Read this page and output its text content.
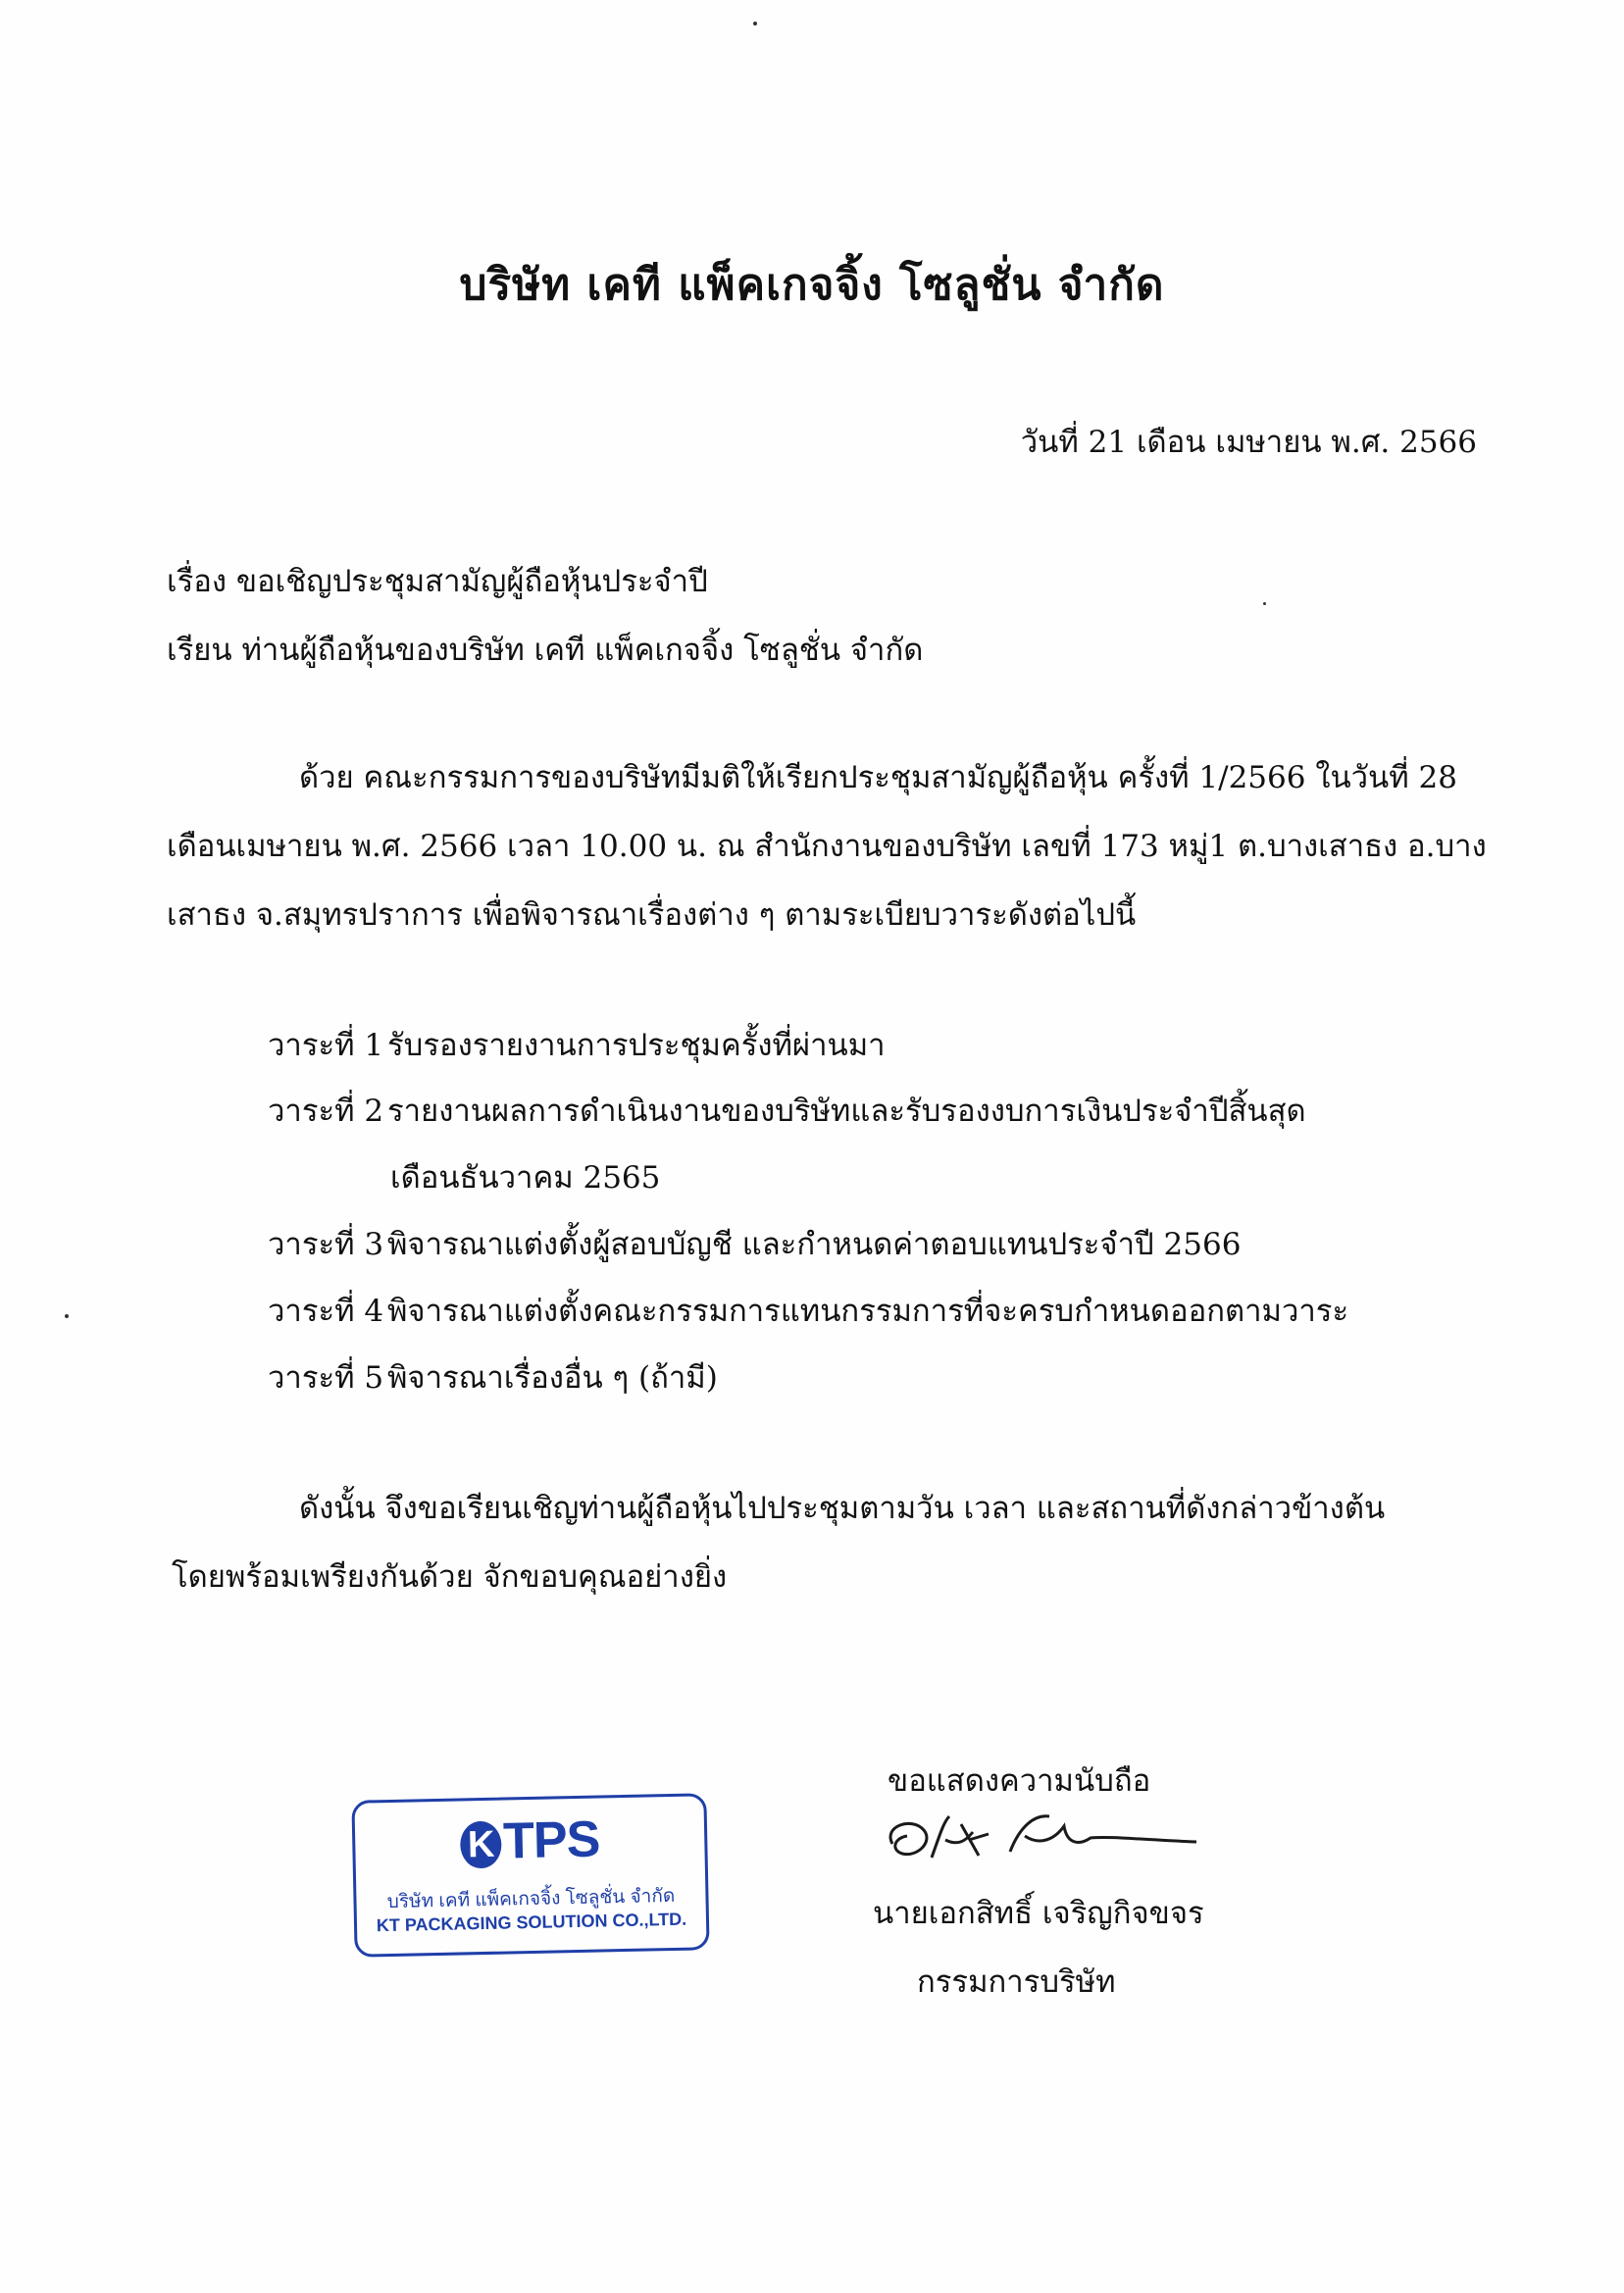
บริษัท เคที แพ็คเกจจิ้ง โซลูชั่น จำกัด
วันที่ 21 เดือน เมษายน พ.ศ. 2566
เรื่อง ขอเชิญประชุมสามัญผู้ถือหุ้นประจำปี
เรียน ท่านผู้ถือหุ้นของบริษัท เคที แพ็คเกจจิ้ง โซลูชั่น จำกัด
ด้วย คณะกรรมการของบริษัทมีมติให้เรียกประชุมสามัญผู้ถือหุ้น ครั้งที่ 1/2566 ในวันที่ 28
เดือนเมษายน พ.ศ. 2566 เวลา 10.00 น. ณ สำนักงานของบริษัท เลขที่ 173 หมู่1 ต.บางเสาธง อ.บาง
เสาธง จ.สมุทรปราการ เพื่อพิจารณาเรื่องต่าง ๆ ตามระเบียบวาระดังต่อไปนี้
วาระที่ 1 รับรองรายงานการประชุมครั้งที่ผ่านมา
วาระที่ 2 รายงานผลการดำเนินงานของบริษัทและรับรองงบการเงินประจำปีสิ้นสุด
เดือนธันวาคม 2565
วาระที่ 3 พิจารณาแต่งตั้งผู้สอบบัญชี และกำหนดค่าตอบแทนประจำปี 2566
วาระที่ 4 พิจารณาแต่งตั้งคณะกรรมการแทนกรรมการที่จะครบกำหนดออกตามวาระ
วาระที่ 5 พิจารณาเรื่องอื่น ๆ (ถ้ามี)
ดังนั้น จึงขอเรียนเชิญท่านผู้ถือหุ้นไปประชุมตามวัน เวลา และสถานที่ดังกล่าวข้างต้น
โดยพร้อมเพรียงกันด้วย จักขอบคุณอย่างยิ่ง
ขอแสดงความนับถือ
นายเอกสิทธิ์ เจริญกิจขจร
กรรมการบริษัท
K TPS
บริษัท เคที แพ็คเกจจิ้ง โซลูชั่น จำกัด
KT PACKAGING SOLUTION CO.,LTD.
